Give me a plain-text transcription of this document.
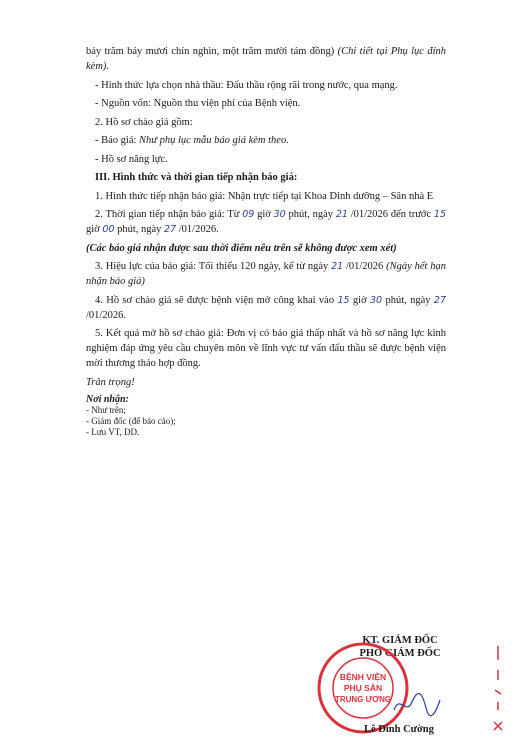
bảy trăm bảy mươi chín nghìn, một trăm mười tám đồng) (Chi tiết tại Phụ lục đính kèm).

- Hình thức lựa chọn nhà thầu: Đấu thầu rộng rãi trong nước, qua mạng.

- Nguồn vốn: Nguồn thu viện phí của Bệnh viện.

2. Hồ sơ chào giá gồm:

- Báo giá: Như phụ lục mẫu báo giá kèm theo.

- Hồ sơ năng lực.

III. Hình thức và thời gian tiếp nhận báo giá:

1. Hình thức tiếp nhận báo giá: Nhận trực tiếp tại Khoa Dinh dưỡng – Sân nhà E

2. Thời gian tiếp nhận báo giá: Từ 09 giờ 30 phút, ngày 21 /01/2026 đến trước 15 giờ 00 phút, ngày 27 /01/2026.

(Các báo giá nhận được sau thời điểm nêu trên sẽ không được xem xét)

3. Hiệu lực của báo giá: Tối thiểu 120 ngày, kể từ ngày 21 /01/2026 (Ngày hết hạn nhận báo giá)

4. Hồ sơ chào giá sẽ được bệnh viện mở công khai vào 15 giờ 30 phút, ngày 27 /01/2026.

5. Kết quả mở hồ sơ chào giá: Đơn vị có báo giá thấp nhất và hồ sơ năng lực kinh nghiệm đáp ứng yêu cầu chuyên môn về lĩnh vực tư vấn đấu thầu sẽ được bệnh viện mời thương thảo hợp đồng.

Trân trọng!

Nơi nhận:
- Như trên;
- Giám đốc (để báo cáo);
- Lưu VT, DD.
KT. GIÁM ĐỐC
PHÓ GIÁM ĐỐC
BỆNH VIỆN
PHỤ SẢN
TRUNG ƯƠNG
Lê Đình Cường
